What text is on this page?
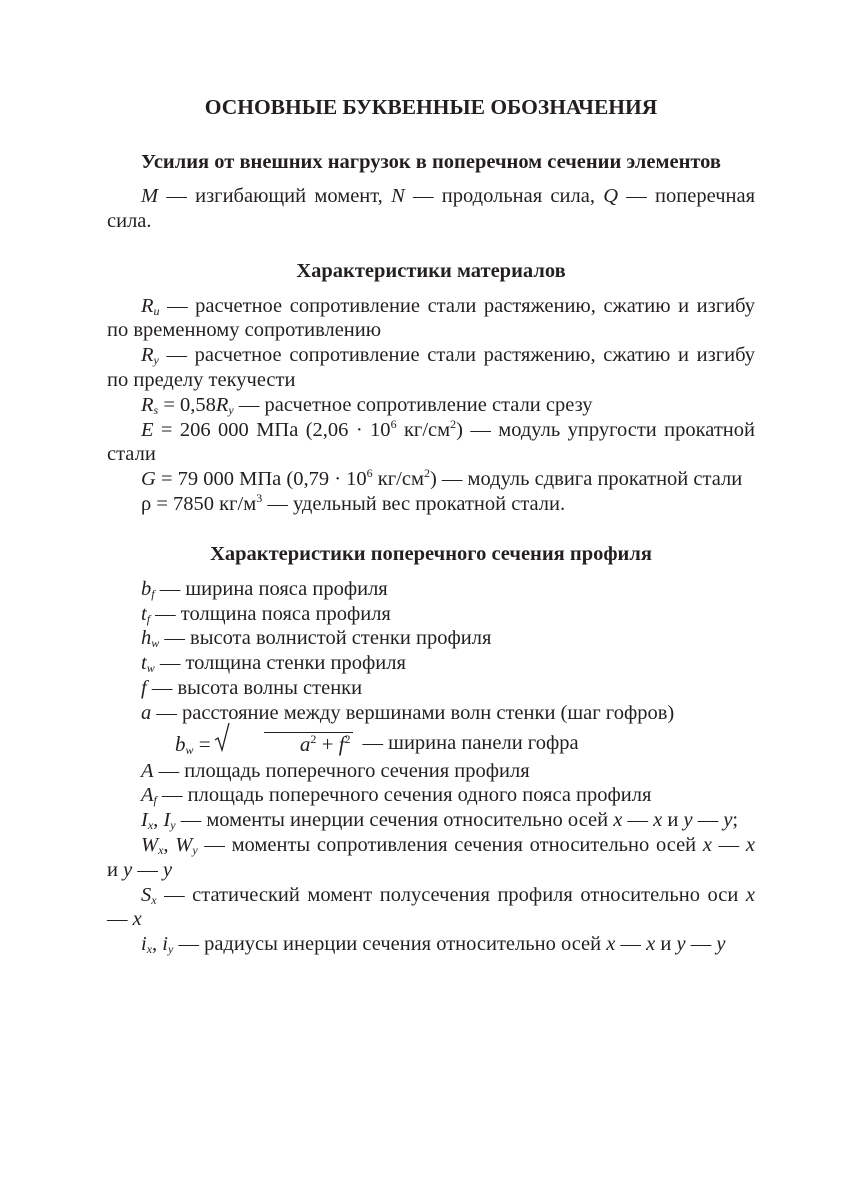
ОСНОВНЫЕ БУКВЕННЫЕ ОБОЗНАЧЕНИЯ
Усилия от внешних нагрузок в поперечном сечении элементов

M — изгибающий момент, N — продольная сила, Q — поперечная сила.

Характеристики материалов

$R_u$ — расчетное сопротивление стали растяжению, сжатию и изгибу по временному сопротивлению

$R_y$ — расчетное сопротивление стали растяжению, сжатию и изгибу по пределу текучести

$R_s = 0,58R_y$ — расчетное сопротивление стали срезу

E = 206 000 МПа ($2,06 \cdot 10^6$ $кг/см^2$) — модуль упругости прокатной стали

G = 79 000 МПа ($0,79 \cdot 10^6$ $кг/см^2$) — модуль сдвига прокатной стали

ρ = 7850 $кг/м^3$ — удельный вес прокатной стали.

Характеристики поперечного сечения профиля

$b_f$ — ширина пояса профиля

$t_f$ — толщина пояса профиля

$h_w$ — высота волнистой стенки профиля

$t_w$ — толщина стенки профиля

f — высота волны стенки

a — расстояние между вершинами волн стенки (шаг гофров)

$b_w$ =	$a^2 + f^2$ — ширина панели гофра

A — площадь поперечного сечения профиля

$A_f$ — площадь поперечного сечения одного пояса профиля

$I_x$, $I_y$ — моменты инерции сечения относительно осей x — x и y — y;

$W_x$, $W_y$ — моменты сопротивления сечения относительно осей x — x и y — y

$S_x$ — статический момент полусечения профиля относительно оси x — x

$i_x$, $i_y$ — радиусы инерции сечения относительно осей x — x и y — y
